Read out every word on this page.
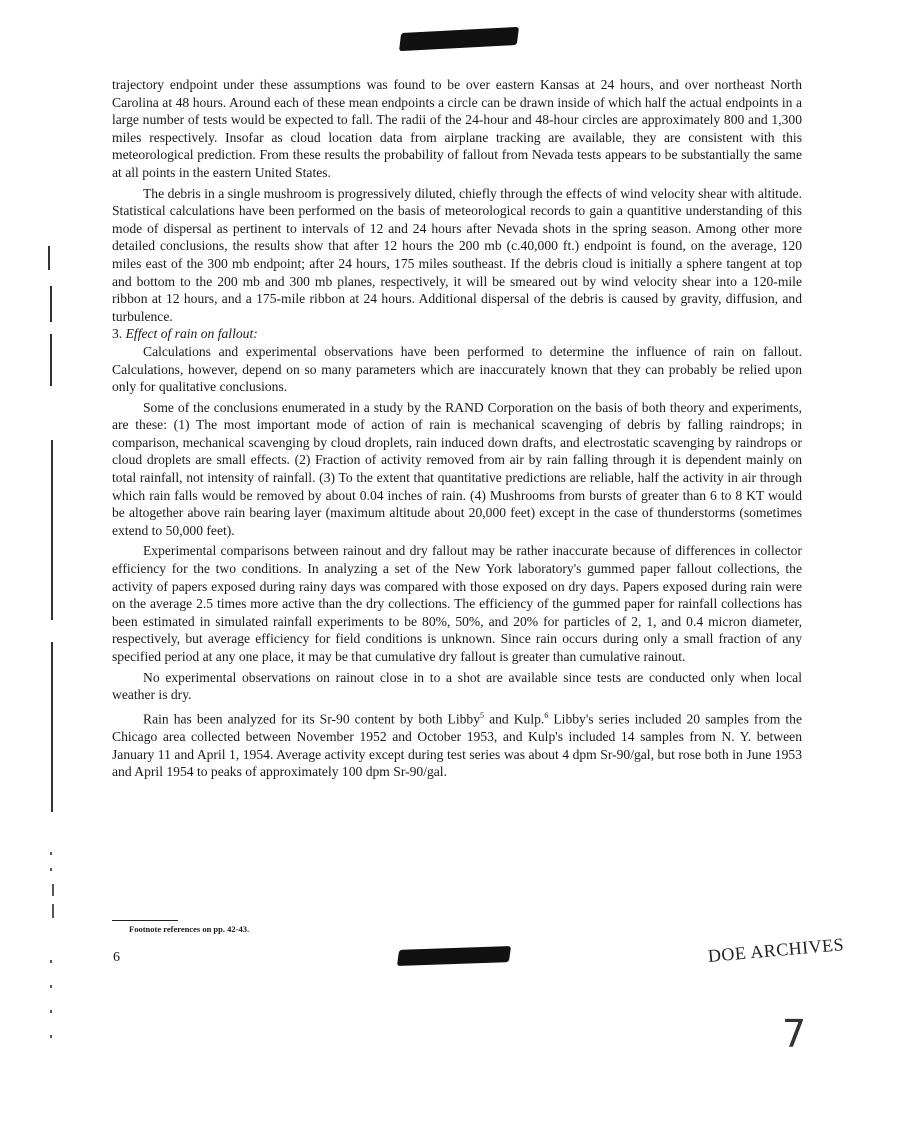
trajectory endpoint under these assumptions was found to be over eastern Kansas at 24 hours, and over northeast North Carolina at 48 hours. Around each of these mean endpoints a circle can be drawn inside of which half the actual endpoints in a large number of tests would be expected to fall. The radii of the 24-hour and 48-hour circles are approximately 800 and 1,300 miles respectively. Insofar as cloud location data from airplane tracking are available, they are consistent with this meteorological prediction. From these results the probability of fallout from Nevada tests appears to be substantially the same at all points in the eastern United States.

The debris in a single mushroom is progressively diluted, chiefly through the effects of wind velocity shear with altitude. Statistical calculations have been performed on the basis of meteorological records to gain a quantitive understanding of this mode of dispersal as pertinent to intervals of 12 and 24 hours after Nevada shots in the spring season. Among other more detailed conclusions, the results show that after 12 hours the 200 mb (c.40,000 ft.) endpoint is found, on the average, 120 miles east of the 300 mb endpoint; after 24 hours, 175 miles southeast. If the debris cloud is initially a sphere tangent at top and bottom to the 200 mb and 300 mb planes, respectively, it will be smeared out by wind velocity shear into a 120-mile ribbon at 12 hours, and a 175-mile ribbon at 24 hours. Additional dispersal of the debris is caused by gravity, diffusion, and turbulence.

3. Effect of rain on fallout:

Calculations and experimental observations have been performed to determine the influence of rain on fallout. Calculations, however, depend on so many parameters which are inaccurately known that they can probably be relied upon only for qualitative conclusions.

Some of the conclusions enumerated in a study by the RAND Corporation on the basis of both theory and experiments, are these: (1) The most important mode of action of rain is mechanical scavenging of debris by falling raindrops; in comparison, mechanical scavenging by cloud droplets, rain induced down drafts, and electrostatic scavenging by raindrops or cloud droplets are small effects. (2) Fraction of activity removed from air by rain falling through it is dependent mainly on total rainfall, not intensity of rainfall. (3) To the extent that quantitative predictions are reliable, half the activity in air through which rain falls would be removed by about 0.04 inches of rain. (4) Mushrooms from bursts of greater than 6 to 8 KT would be altogether above rain bearing layer (maximum altitude about 20,000 feet) except in the case of thunderstorms (sometimes extend to 50,000 feet).

Experimental comparisons between rainout and dry fallout may be rather inaccurate because of differences in collector efficiency for the two conditions. In analyzing a set of the New York laboratory's gummed paper fallout collections, the activity of papers exposed during rainy days was compared with those exposed on dry days. Papers exposed during rain were on the average 2.5 times more active than the dry collections. The efficiency of the gummed paper for rainfall collections has been estimated in simulated rainfall experiments to be 80%, 50%, and 20% for particles of 2, 1, and 0.4 micron diameter, respectively, but average efficiency for field conditions is unknown. Since rain occurs during only a small fraction of any specified period at any one place, it may be that cumulative dry fallout is greater than cumulative rainout.

No experimental observations on rainout close in to a shot are available since tests are conducted only when local weather is dry.

Rain has been analyzed for its Sr-90 content by both Libby$^5$ and Kulp.$^6$ Libby's series included 20 samples from the Chicago area collected between November 1952 and October 1953, and Kulp's included 14 samples from N. Y. between January 11 and April 1, 1954. Average activity except during test series was about 4 dpm Sr-90/gal, but rose both in June 1953 and April 1954 to peaks of approximately 100 dpm Sr-90/gal.

Footnote references on pp. 42-43.
6	DOE ARCHIVES
7
